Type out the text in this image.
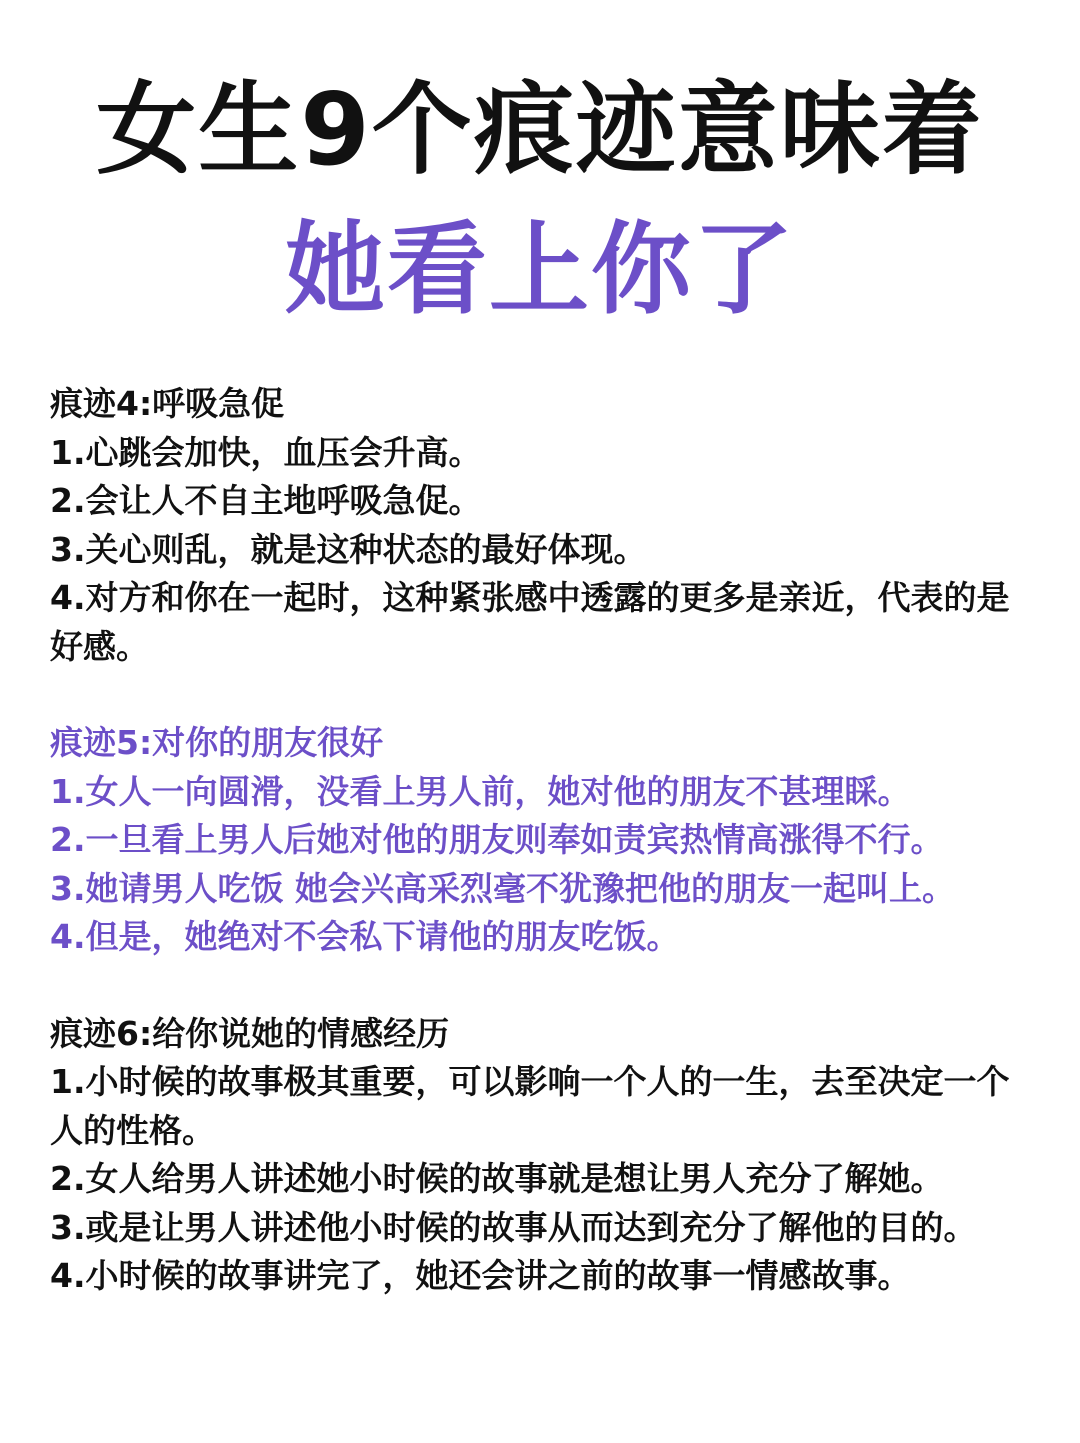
女生9个痕迹意味着
她看上你了
痕迹4:呼吸急促
1.心跳会加快，血压会升高。
2.会让人不自主地呼吸急促。
3.关心则乱，就是这种状态的最好体现。
4.对方和你在一起时，这种紧张感中透露的更多是亲近，代表的是好感。
痕迹5:对你的朋友很好
1.女人一向圆滑，没看上男人前，她对他的朋友不甚理睬。
2.一旦看上男人后她对他的朋友则奉如责宾热情高涨得不行。
3.她请男人吃饭 她会兴高采烈毫不犹豫把他的朋友一起叫上。
4.但是，她绝对不会私下请他的朋友吃饭。
痕迹6:给你说她的情感经历
1.小时候的故事极其重要，可以影响一个人的一生，去至决定一个人的性格。
2.女人给男人讲述她小时候的故事就是想让男人充分了解她。
3.或是让男人讲述他小时候的故事从而达到充分了解他的目的。
4.小时候的故事讲完了，她还会讲之前的故事一情感故事。
